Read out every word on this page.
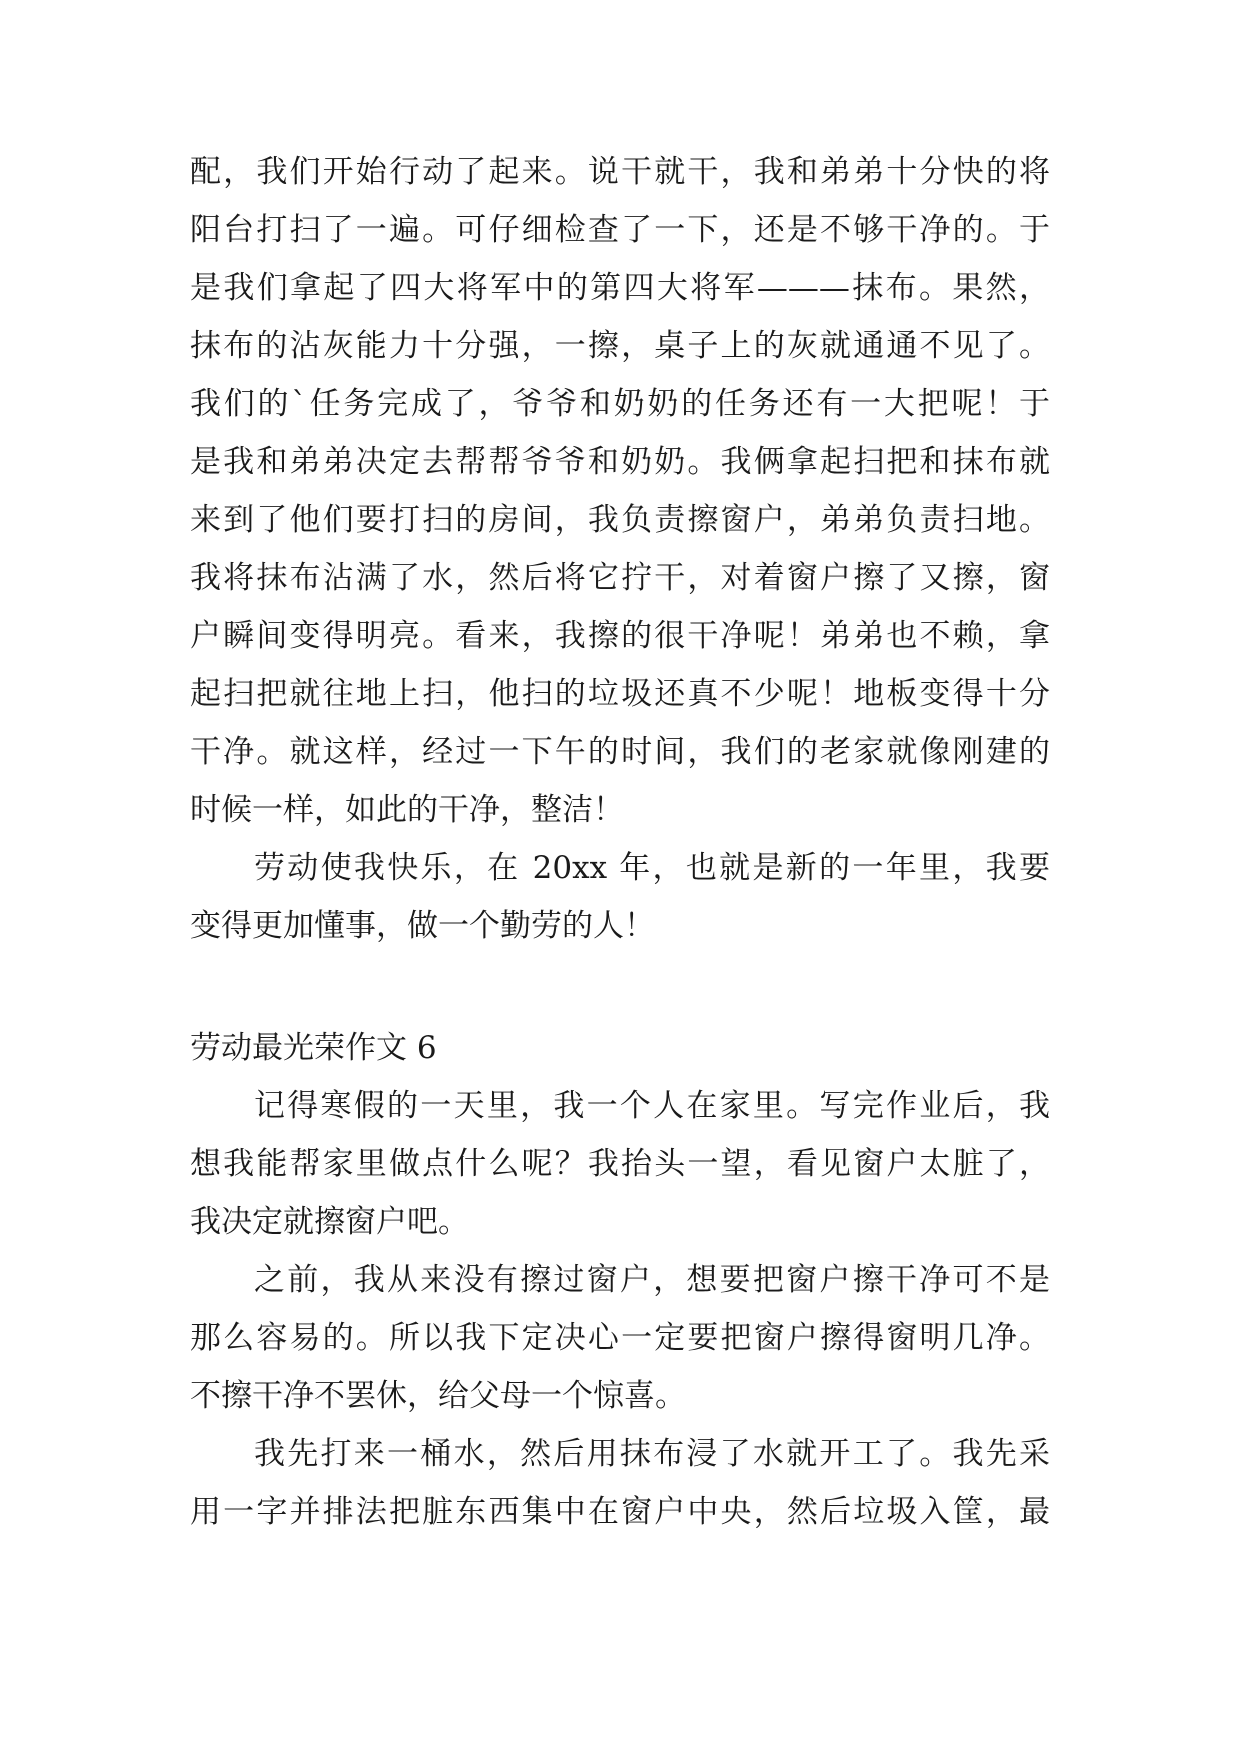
配，我们开始行动了起来。说干就干，我和弟弟十分快的将
阳台打扫了一遍。可仔细检查了一下，还是不够干净的。于
是我们拿起了四大将军中的第四大将军———抹布。果然，
抹布的沾灰能力十分强，一擦，桌子上的灰就通通不见了。
我们的`任务完成了，爷爷和奶奶的任务还有一大把呢！于
是我和弟弟决定去帮帮爷爷和奶奶。我俩拿起扫把和抹布就
来到了他们要打扫的房间，我负责擦窗户，弟弟负责扫地。
我将抹布沾满了水，然后将它拧干，对着窗户擦了又擦，窗
户瞬间变得明亮。看来，我擦的很干净呢！弟弟也不赖，拿
起扫把就往地上扫，他扫的垃圾还真不少呢！地板变得十分
干净。就这样，经过一下午的时间，我们的老家就像刚建的
时候一样，如此的干净，整洁！
劳动使我快乐，在 20xx 年，也就是新的一年里，我要
变得更加懂事，做一个勤劳的人！
劳动最光荣作文 6
记得寒假的一天里，我一个人在家里。写完作业后，我
想我能帮家里做点什么呢？我抬头一望，看见窗户太脏了，
我决定就擦窗户吧。
之前，我从来没有擦过窗户，想要把窗户擦干净可不是
那么容易的。所以我下定决心一定要把窗户擦得窗明几净。
不擦干净不罢休，给父母一个惊喜。
我先打来一桶水，然后用抹布浸了水就开工了。我先采
用一字并排法把脏东西集中在窗户中央，然后垃圾入筐，最
